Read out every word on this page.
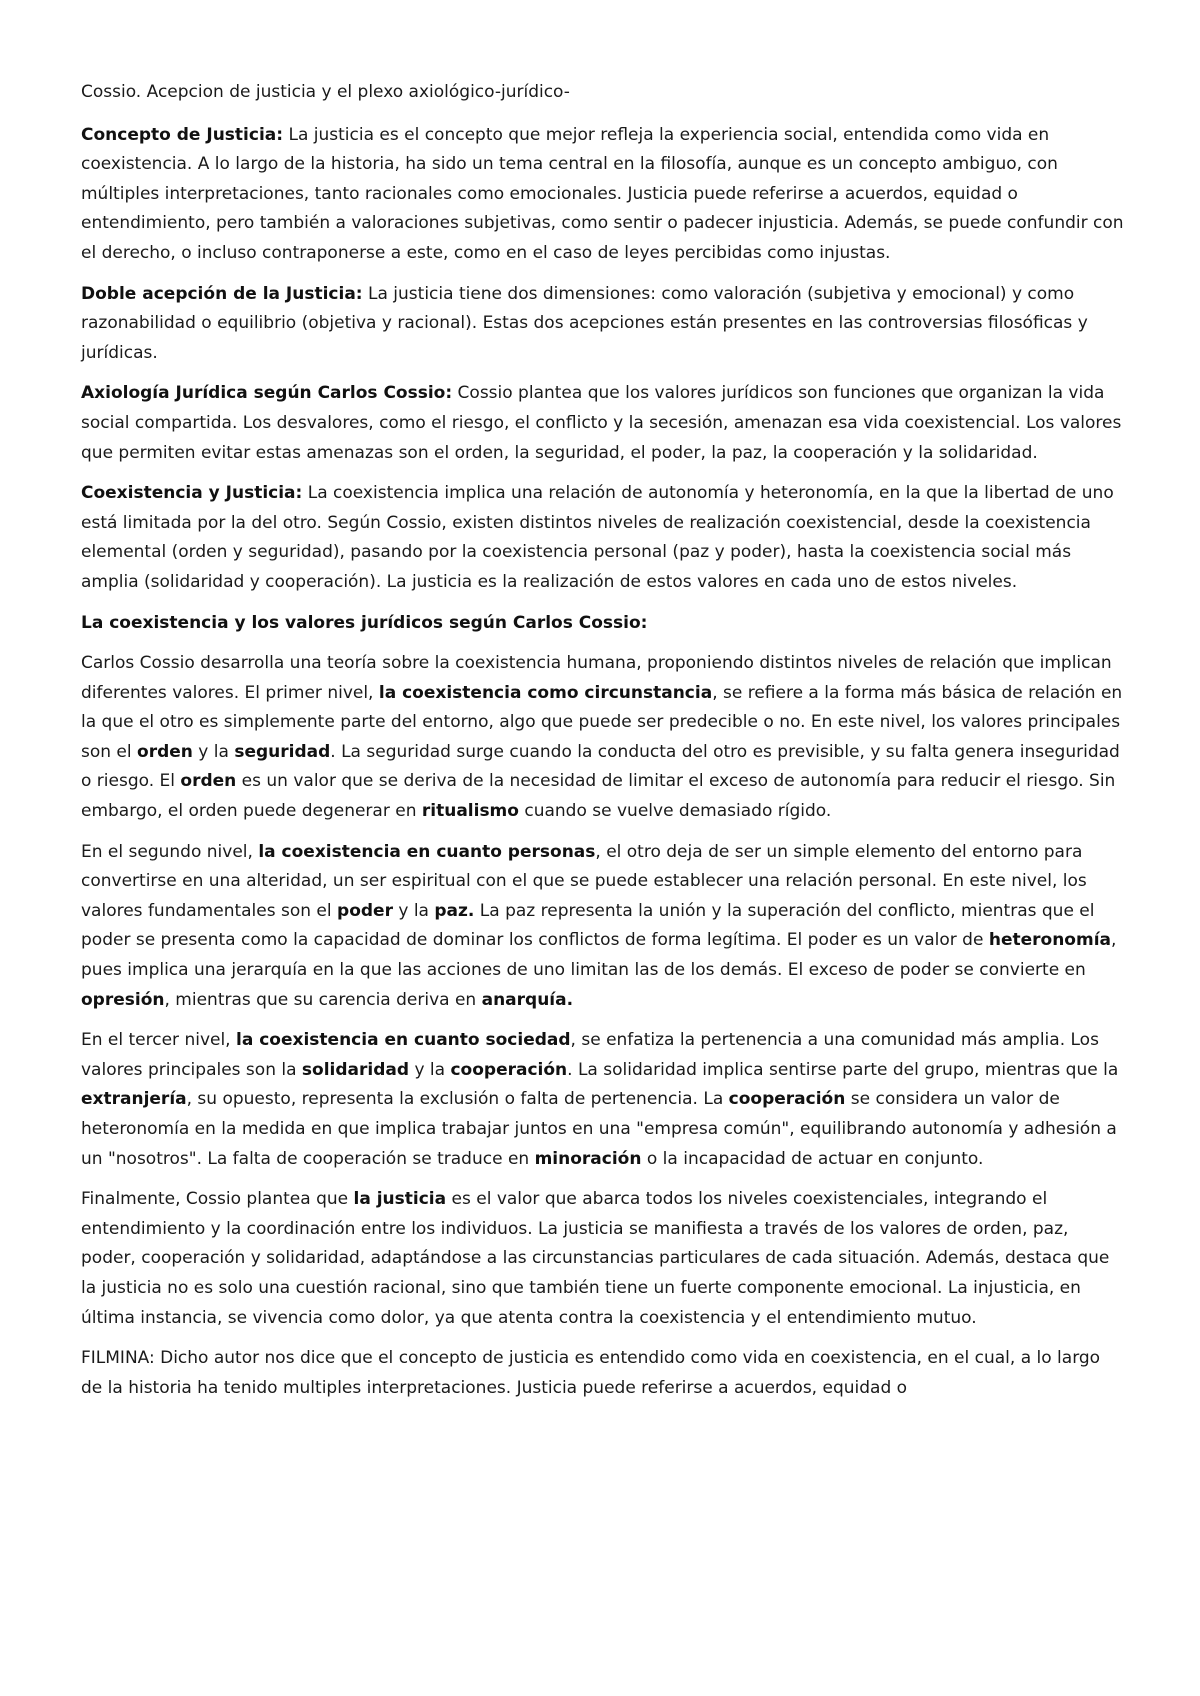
Cossio. Acepcion de justicia y el plexo axiológico-jurídico-

Concepto de Justicia: La justicia es el concepto que mejor refleja la experiencia social, entendida como vida en coexistencia. A lo largo de la historia, ha sido un tema central en la filosofía, aunque es un concepto ambiguo, con múltiples interpretaciones, tanto racionales como emocionales. Justicia puede referirse a acuerdos, equidad o entendimiento, pero también a valoraciones subjetivas, como sentir o padecer injusticia. Además, se puede confundir con el derecho, o incluso contraponerse a este, como en el caso de leyes percibidas como injustas.

Doble acepción de la Justicia: La justicia tiene dos dimensiones: como valoración (subjetiva y emocional) y como razonabilidad o equilibrio (objetiva y racional). Estas dos acepciones están presentes en las controversias filosóficas y jurídicas.

Axiología Jurídica según Carlos Cossio: Cossio plantea que los valores jurídicos son funciones que organizan la vida social compartida. Los desvalores, como el riesgo, el conflicto y la secesión, amenazan esa vida coexistencial. Los valores que permiten evitar estas amenazas son el orden, la seguridad, el poder, la paz, la cooperación y la solidaridad.

Coexistencia y Justicia: La coexistencia implica una relación de autonomía y heteronomía, en la que la libertad de uno está limitada por la del otro. Según Cossio, existen distintos niveles de realización coexistencial, desde la coexistencia elemental (orden y seguridad), pasando por la coexistencia personal (paz y poder), hasta la coexistencia social más amplia (solidaridad y cooperación). La justicia es la realización de estos valores en cada uno de estos niveles.

La coexistencia y los valores jurídicos según Carlos Cossio:

Carlos Cossio desarrolla una teoría sobre la coexistencia humana, proponiendo distintos niveles de relación que implican diferentes valores. El primer nivel, la coexistencia como circunstancia, se refiere a la forma más básica de relación en la que el otro es simplemente parte del entorno, algo que puede ser predecible o no. En este nivel, los valores principales son el orden y la seguridad. La seguridad surge cuando la conducta del otro es previsible, y su falta genera inseguridad o riesgo. El orden es un valor que se deriva de la necesidad de limitar el exceso de autonomía para reducir el riesgo. Sin embargo, el orden puede degenerar en ritualismo cuando se vuelve demasiado rígido.

En el segundo nivel, la coexistencia en cuanto personas, el otro deja de ser un simple elemento del entorno para convertirse en una alteridad, un ser espiritual con el que se puede establecer una relación personal. En este nivel, los valores fundamentales son el poder y la paz. La paz representa la unión y la superación del conflicto, mientras que el poder se presenta como la capacidad de dominar los conflictos de forma legítima. El poder es un valor de heteronomía, pues implica una jerarquía en la que las acciones de uno limitan las de los demás. El exceso de poder se convierte en opresión, mientras que su carencia deriva en anarquía.

En el tercer nivel, la coexistencia en cuanto sociedad, se enfatiza la pertenencia a una comunidad más amplia. Los valores principales son la solidaridad y la cooperación. La solidaridad implica sentirse parte del grupo, mientras que la extranjería, su opuesto, representa la exclusión o falta de pertenencia. La cooperación se considera un valor de heteronomía en la medida en que implica trabajar juntos en una "empresa común", equilibrando autonomía y adhesión a un "nosotros". La falta de cooperación se traduce en minoración o la incapacidad de actuar en conjunto.

Finalmente, Cossio plantea que la justicia es el valor que abarca todos los niveles coexistenciales, integrando el entendimiento y la coordinación entre los individuos. La justicia se manifiesta a través de los valores de orden, paz, poder, cooperación y solidaridad, adaptándose a las circunstancias particulares de cada situación. Además, destaca que la justicia no es solo una cuestión racional, sino que también tiene un fuerte componente emocional. La injusticia, en última instancia, se vivencia como dolor, ya que atenta contra la coexistencia y el entendimiento mutuo.

FILMINA: Dicho autor nos dice que el concepto de justicia es entendido como vida en coexistencia, en el cual, a lo largo de la historia ha tenido multiples interpretaciones. Justicia puede referirse a acuerdos, equidad o
